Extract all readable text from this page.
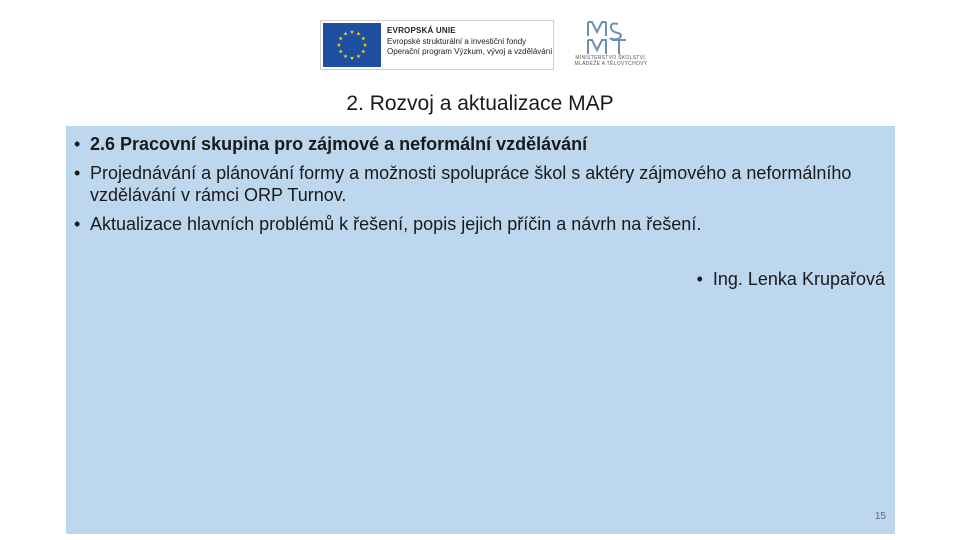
EVROPSKÁ UNIE
Evropské strukturální a investiční fondy
Operační program Výzkum, vývoj a vzdělávání
MINISTERSTVO ŠKOLSTVÍ,
MLÁDEŽE A TĚLOVÝCHOVY
2. Rozvoj a aktualizace MAP
• 2.6 Pracovní skupina pro zájmové a neformální vzdělávání
• Projednávání a plánování formy a možnosti spolupráce škol s aktéry zájmového a neformálního vzdělávání v rámci ORP Turnov.
• Aktualizace hlavních problémů k řešení, popis jejich příčin a návrh na řešení.
• Ing. Lenka Krupařová
15
